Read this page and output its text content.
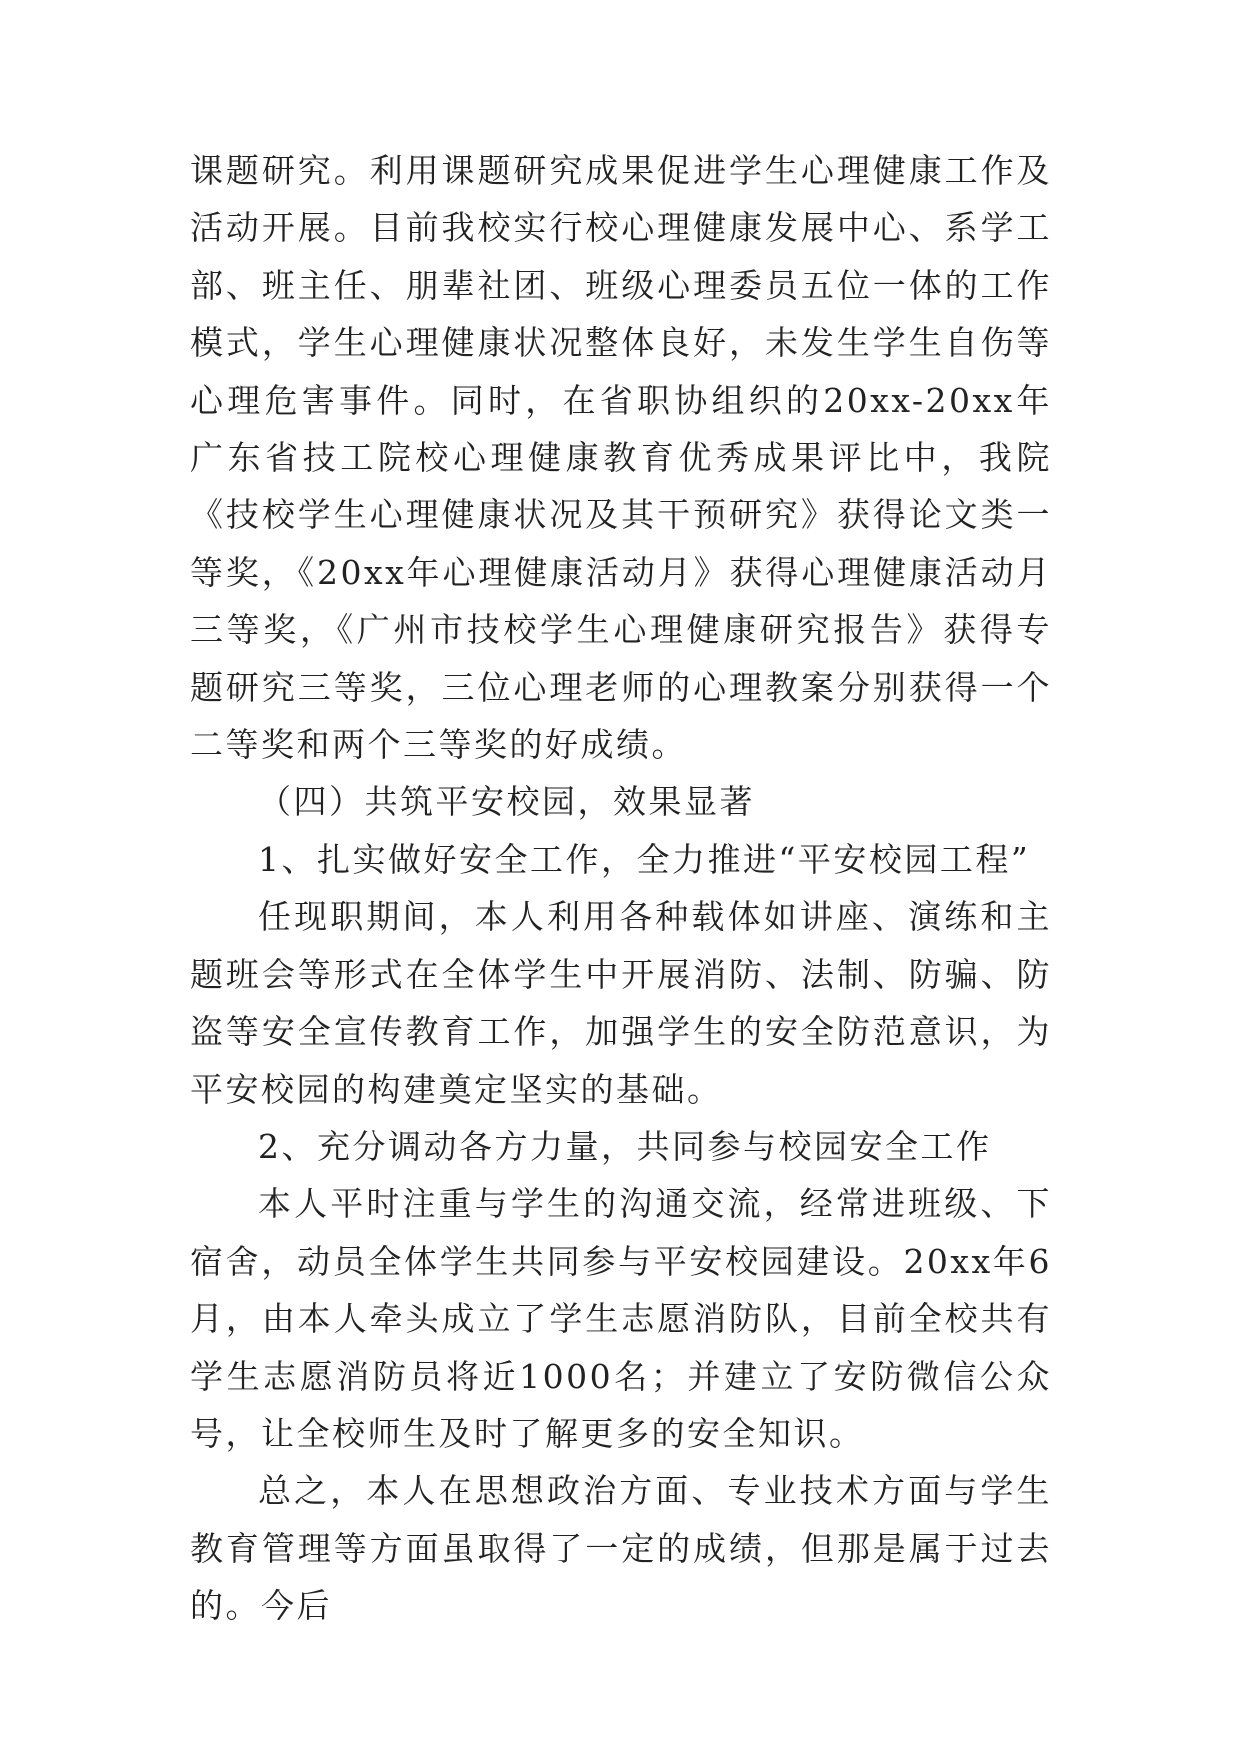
课题研究。利用课题研究成果促进学生心理健康工作及活动开展。目前我校实行校心理健康发展中心、系学工部、班主任、朋辈社团、班级心理委员五位一体的工作模式，学生心理健康状况整体良好，未发生学生自伤等心理危害事件。同时，在省职协组织的20xx-20xx年广东省技工院校心理健康教育优秀成果评比中，我院《技校学生心理健康状况及其干预研究》获得论文类一等奖，《20xx年心理健康活动月》获得心理健康活动月三等奖，《广州市技校学生心理健康研究报告》获得专题研究三等奖，三位心理老师的心理教案分别获得一个二等奖和两个三等奖的好成绩。

（四）共筑平安校园，效果显著

1、扎实做好安全工作，全力推进“平安校园工程”

任现职期间，本人利用各种载体如讲座、演练和主题班会等形式在全体学生中开展消防、法制、防骗、防盗等安全宣传教育工作，加强学生的安全防范意识，为平安校园的构建奠定坚实的基础。

2、充分调动各方力量，共同参与校园安全工作

本人平时注重与学生的沟通交流，经常进班级、下宿舍，动员全体学生共同参与平安校园建设。20xx年6月，由本人牵头成立了学生志愿消防队，目前全校共有学生志愿消防员将近1000名；并建立了安防微信公众号，让全校师生及时了解更多的安全知识。

总之，本人在思想政治方面、专业技术方面与学生教育管理等方面虽取得了一定的成绩，但那是属于过去的。今后
